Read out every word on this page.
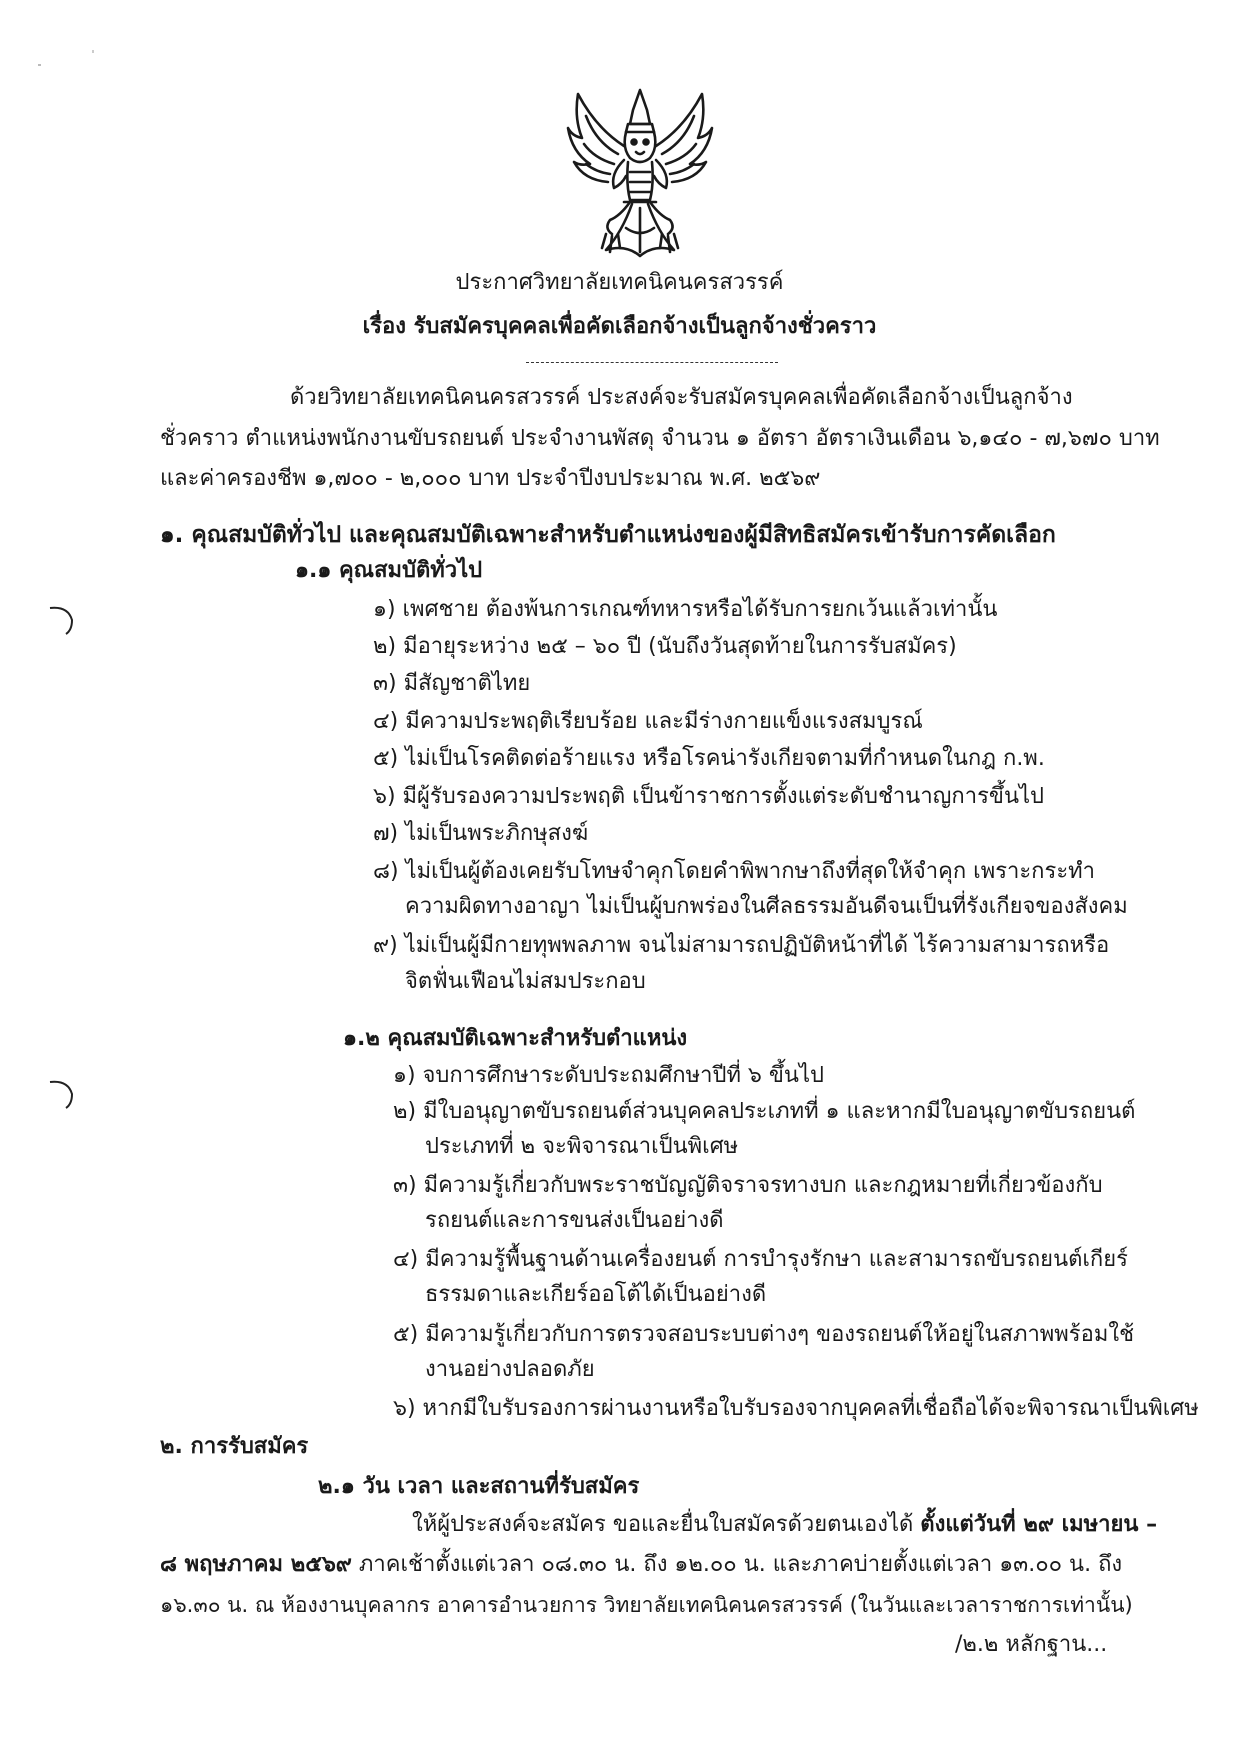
ประกาศวิทยาลัยเทคนิคนครสวรรค์
เรื่อง รับสมัครบุคคลเพื่อคัดเลือกจ้างเป็นลูกจ้างชั่วคราว
ด้วยวิทยาลัยเทคนิคนครสวรรค์ ประสงค์จะรับสมัครบุคคลเพื่อคัดเลือกจ้างเป็นลูกจ้าง
ชั่วคราว ตำแหน่งพนักงานขับรถยนต์ ประจำงานพัสดุ จำนวน ๑ อัตรา อัตราเงินเดือน ๖,๑๔๐ - ๗,๖๗๐ บาท
และค่าครองชีพ ๑,๗๐๐ - ๒,๐๐๐ บาท ประจำปีงบประมาณ พ.ศ. ๒๕๖๙
๑. คุณสมบัติทั่วไป และคุณสมบัติเฉพาะสำหรับตำแหน่งของผู้มีสิทธิสมัครเข้ารับการคัดเลือก
๑.๑ คุณสมบัติทั่วไป
๑) เพศชาย ต้องพ้นการเกณฑ์ทหารหรือได้รับการยกเว้นแล้วเท่านั้น
๒) มีอายุระหว่าง ๒๕ – ๖๐ ปี (นับถึงวันสุดท้ายในการรับสมัคร)
๓) มีสัญชาติไทย
๔) มีความประพฤติเรียบร้อย และมีร่างกายแข็งแรงสมบูรณ์
๕) ไม่เป็นโรคติดต่อร้ายแรง หรือโรคน่ารังเกียจตามที่กำหนดในกฎ ก.พ.
๖) มีผู้รับรองความประพฤติ เป็นข้าราชการตั้งแต่ระดับชำนาญการขึ้นไป
๗) ไม่เป็นพระภิกษุสงฆ์
๘) ไม่เป็นผู้ต้องเคยรับโทษจำคุกโดยคำพิพากษาถึงที่สุดให้จำคุก เพราะกระทำ
ความผิดทางอาญา ไม่เป็นผู้บกพร่องในศีลธรรมอันดีจนเป็นที่รังเกียจของสังคม
๙) ไม่เป็นผู้มีกายทุพพลภาพ จนไม่สามารถปฏิบัติหน้าที่ได้ ไร้ความสามารถหรือ
จิตฟั่นเฟือนไม่สมประกอบ
๑.๒ คุณสมบัติเฉพาะสำหรับตำแหน่ง
๑) จบการศึกษาระดับประถมศึกษาปีที่ ๖ ขึ้นไป
๒) มีใบอนุญาตขับรถยนต์ส่วนบุคคลประเภทที่ ๑ และหากมีใบอนุญาตขับรถยนต์
ประเภทที่ ๒ จะพิจารณาเป็นพิเศษ
๓) มีความรู้เกี่ยวกับพระราชบัญญัติจราจรทางบก และกฎหมายที่เกี่ยวข้องกับ
รถยนต์และการขนส่งเป็นอย่างดี
๔) มีความรู้พื้นฐานด้านเครื่องยนต์ การบำรุงรักษา และสามารถขับรถยนต์เกียร์
ธรรมดาและเกียร์ออโต้ได้เป็นอย่างดี
๕) มีความรู้เกี่ยวกับการตรวจสอบระบบต่างๆ ของรถยนต์ให้อยู่ในสภาพพร้อมใช้
งานอย่างปลอดภัย
๖) หากมีใบรับรองการผ่านงานหรือใบรับรองจากบุคคลที่เชื่อถือได้จะพิจารณาเป็นพิเศษ
๒. การรับสมัคร
๒.๑ วัน เวลา และสถานที่รับสมัคร
ให้ผู้ประสงค์จะสมัคร ขอและยื่นใบสมัครด้วยตนเองได้ ตั้งแต่วันที่ ๒๙ เมษายน –
๘ พฤษภาคม ๒๕๖๙ ภาคเช้าตั้งแต่เวลา ๐๘.๓๐ น. ถึง ๑๒.๐๐ น. และภาคบ่ายตั้งแต่เวลา ๑๓.๐๐ น. ถึง
๑๖.๓๐ น. ณ ห้องงานบุคลากร อาคารอำนวยการ วิทยาลัยเทคนิคนครสวรรค์ (ในวันและเวลาราชการเท่านั้น)
/๒.๒ หลักฐาน...
